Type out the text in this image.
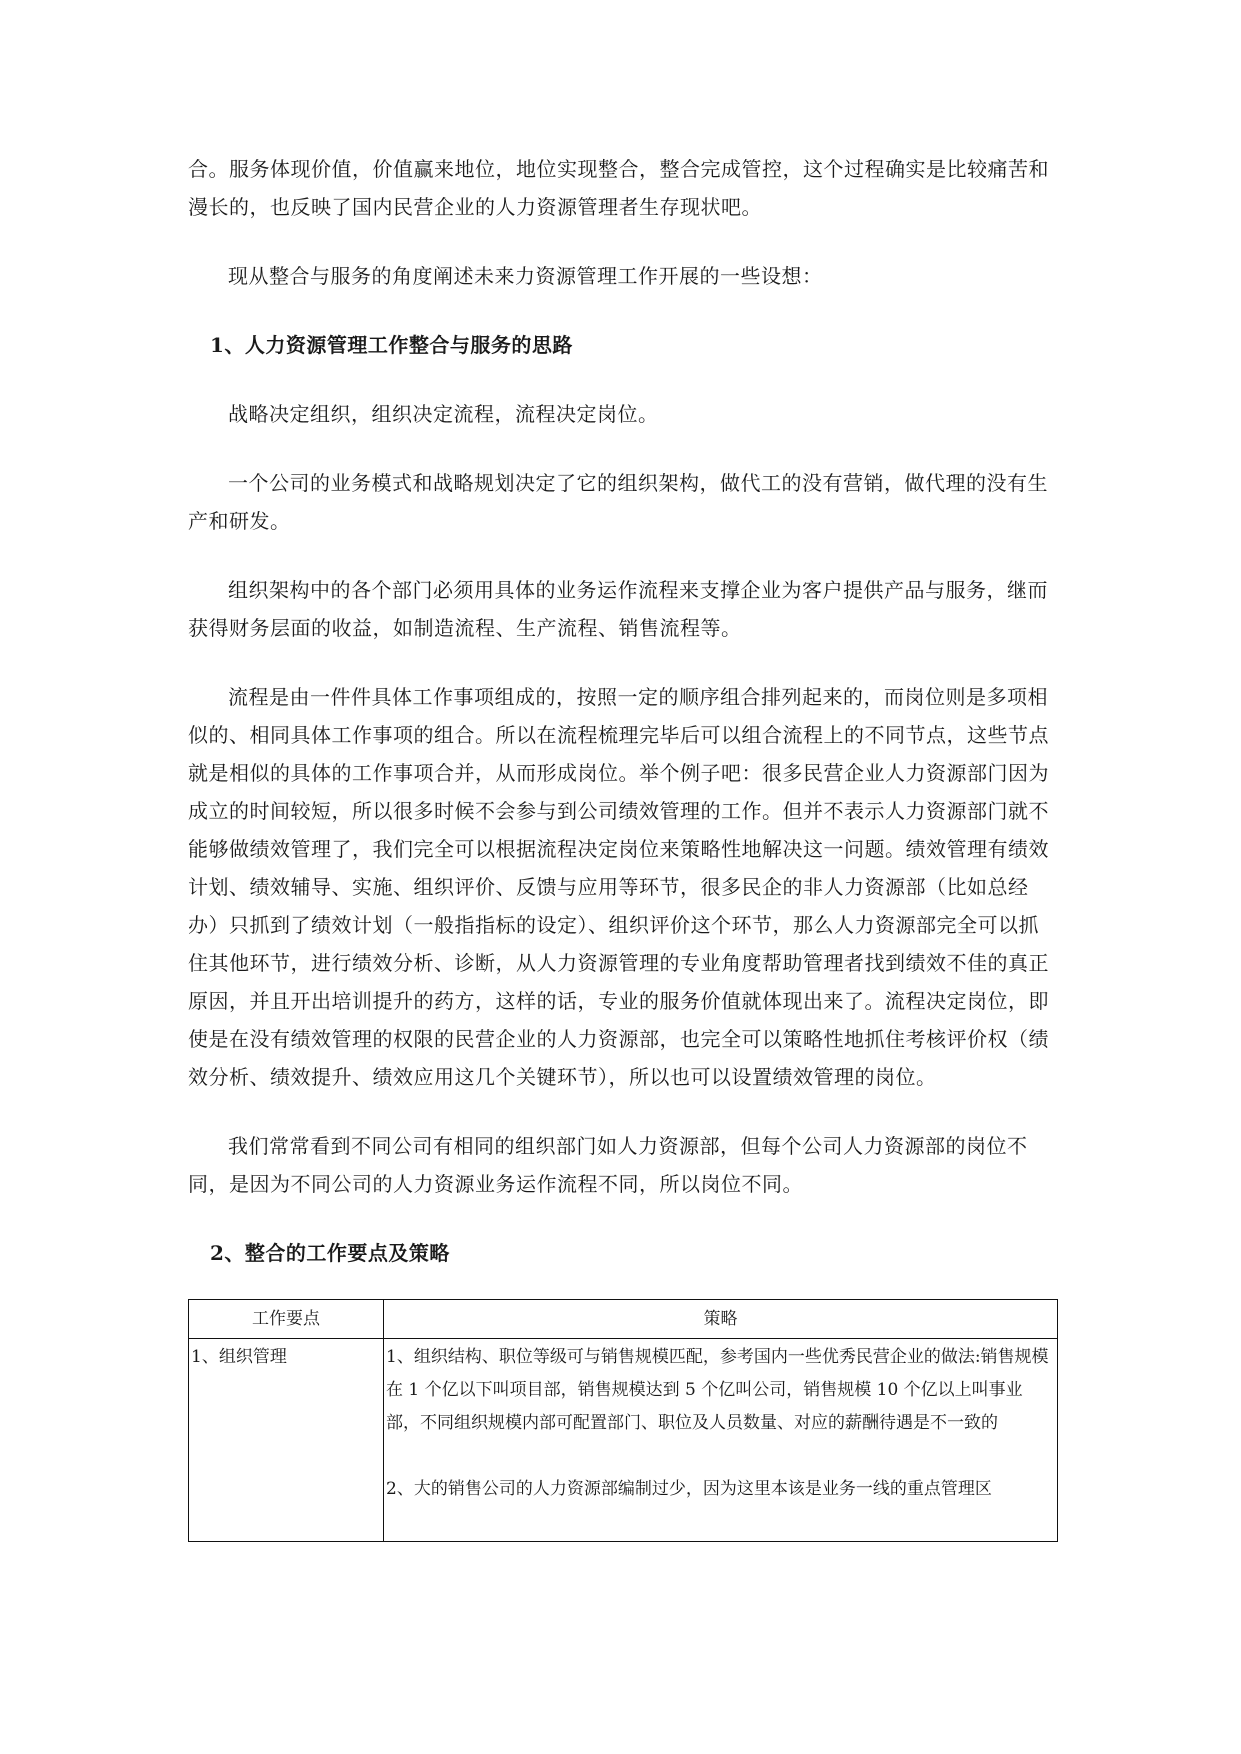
合。服务体现价值，价值赢来地位，地位实现整合，整合完成管控，这个过程确实是比较痛苦和漫长的，也反映了国内民营企业的人力资源管理者生存现状吧。

现从整合与服务的角度阐述未来力资源管理工作开展的一些设想：

1、人力资源管理工作整合与服务的思路

战略决定组织，组织决定流程，流程决定岗位。

一个公司的业务模式和战略规划决定了它的组织架构，做代工的没有营销，做代理的没有生产和研发。

组织架构中的各个部门必须用具体的业务运作流程来支撑企业为客户提供产品与服务，继而获得财务层面的收益，如制造流程、生产流程、销售流程等。

流程是由一件件具体工作事项组成的，按照一定的顺序组合排列起来的，而岗位则是多项相似的、相同具体工作事项的组合。所以在流程梳理完毕后可以组合流程上的不同节点，这些节点就是相似的具体的工作事项合并，从而形成岗位。举个例子吧：很多民营企业人力资源部门因为成立的时间较短，所以很多时候不会参与到公司绩效管理的工作。但并不表示人力资源部门就不能够做绩效管理了，我们完全可以根据流程决定岗位来策略性地解决这一问题。绩效管理有绩效计划、绩效辅导、实施、组织评价、反馈与应用等环节，很多民企的非人力资源部（比如总经办）只抓到了绩效计划（一般指指标的设定）、组织评价这个环节，那么人力资源部完全可以抓住其他环节，进行绩效分析、诊断，从人力资源管理的专业角度帮助管理者找到绩效不佳的真正原因，并且开出培训提升的药方，这样的话，专业的服务价值就体现出来了。流程决定岗位，即使是在没有绩效管理的权限的民营企业的人力资源部，也完全可以策略性地抓住考核评价权（绩效分析、绩效提升、绩效应用这几个关键环节），所以也可以设置绩效管理的岗位。

我们常常看到不同公司有相同的组织部门如人力资源部，但每个公司人力资源部的岗位不同，是因为不同公司的人力资源业务运作流程不同，所以岗位不同。

2、整合的工作要点及策略
工作要点	策略
1、组织管理	1、组织结构、职位等级可与销售规模匹配，参考国内一些优秀民营企业的做法:销售规模在 1 个亿以下叫项目部，销售规模达到 5 个亿叫公司，销售规模 10 个亿以上叫事业部，不同组织规模内部可配置部门、职位及人员数量、对应的薪酬待遇是不一致的
2、大的销售公司的人力资源部编制过少，因为这里本该是业务一线的重点管理区
